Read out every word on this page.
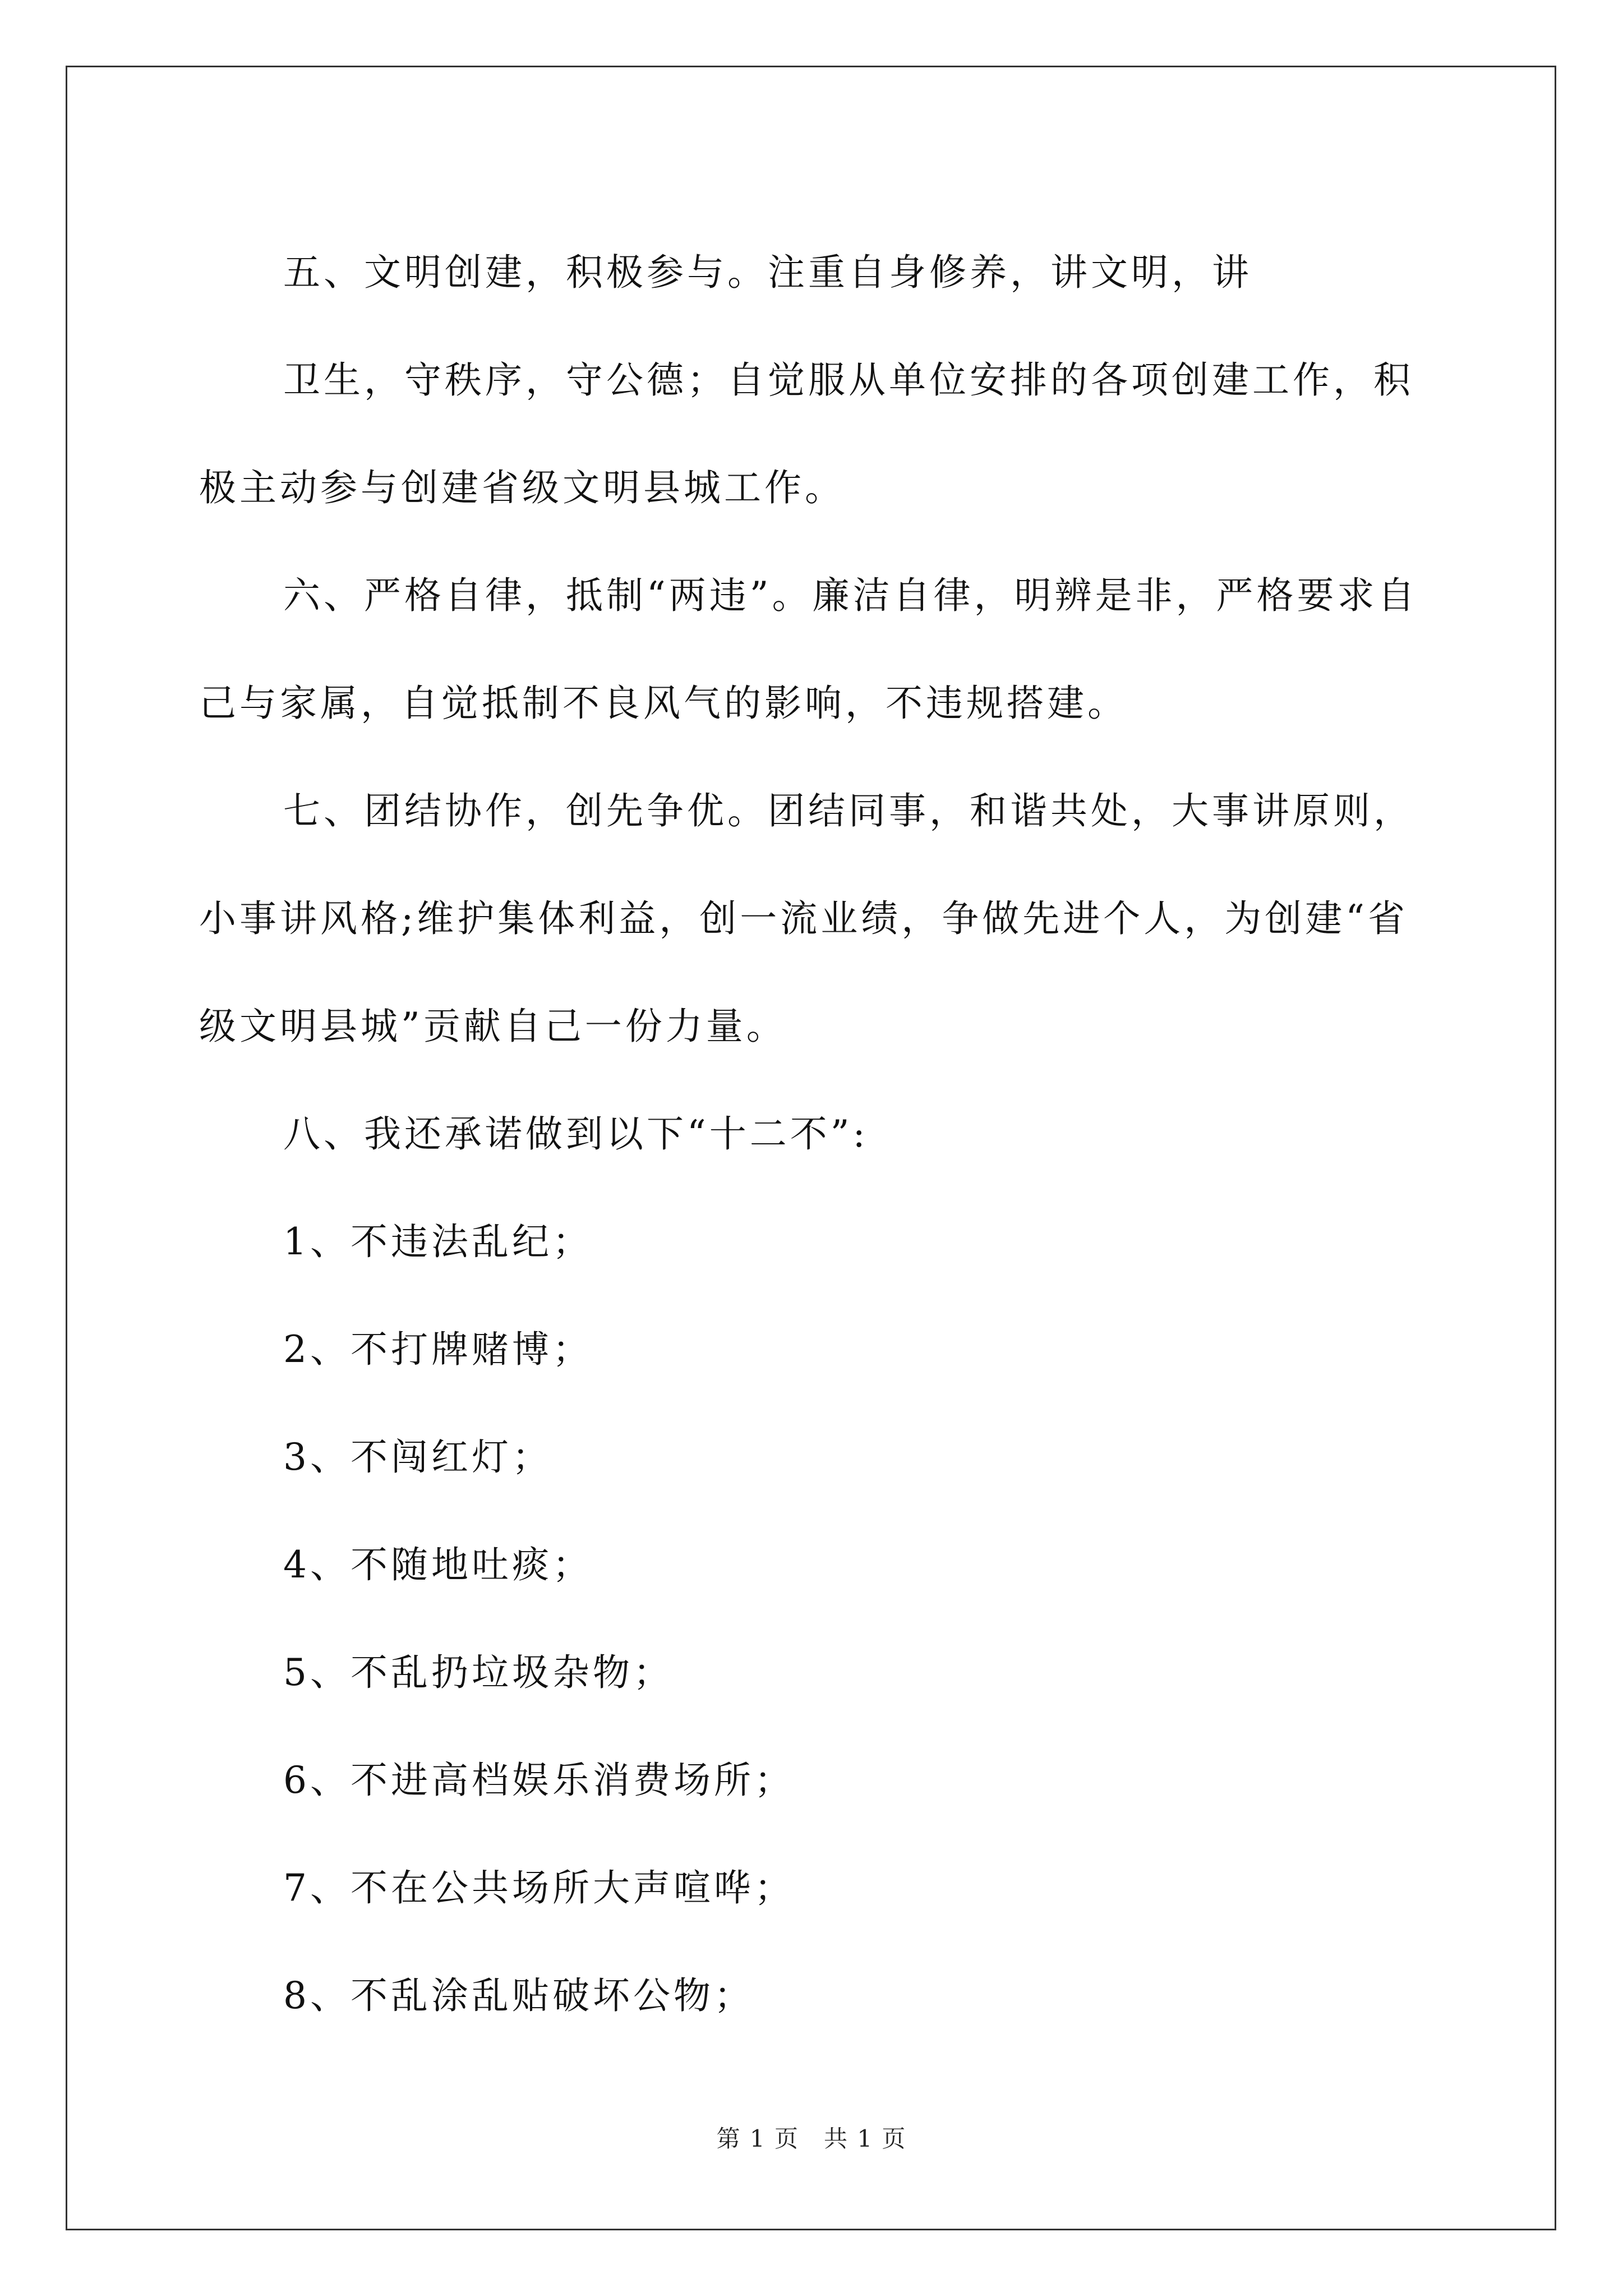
五、文明创建，积极参与。注重自身修养，讲文明，讲
卫生，守秩序，守公德；自觉服从单位安排的各项创建工作，积
极主动参与创建省级文明县城工作。
六、严格自律，抵制“两违”。廉洁自律，明辨是非，严格要求自
己与家属，自觉抵制不良风气的影响，不违规搭建。
七、团结协作，创先争优。团结同事，和谐共处，大事讲原则，
小事讲风格;维护集体利益，创一流业绩，争做先进个人，为创建“省
级文明县城”贡献自己一份力量。
八、我还承诺做到以下“十二不”:
1、不违法乱纪；
2、不打牌赌博；
3、不闯红灯；
4、不随地吐痰；
5、不乱扔垃圾杂物；
6、不进高档娱乐消费场所；
7、不在公共场所大声喧哗；
8、不乱涂乱贴破坏公物；
第 1 页　共 1 页
